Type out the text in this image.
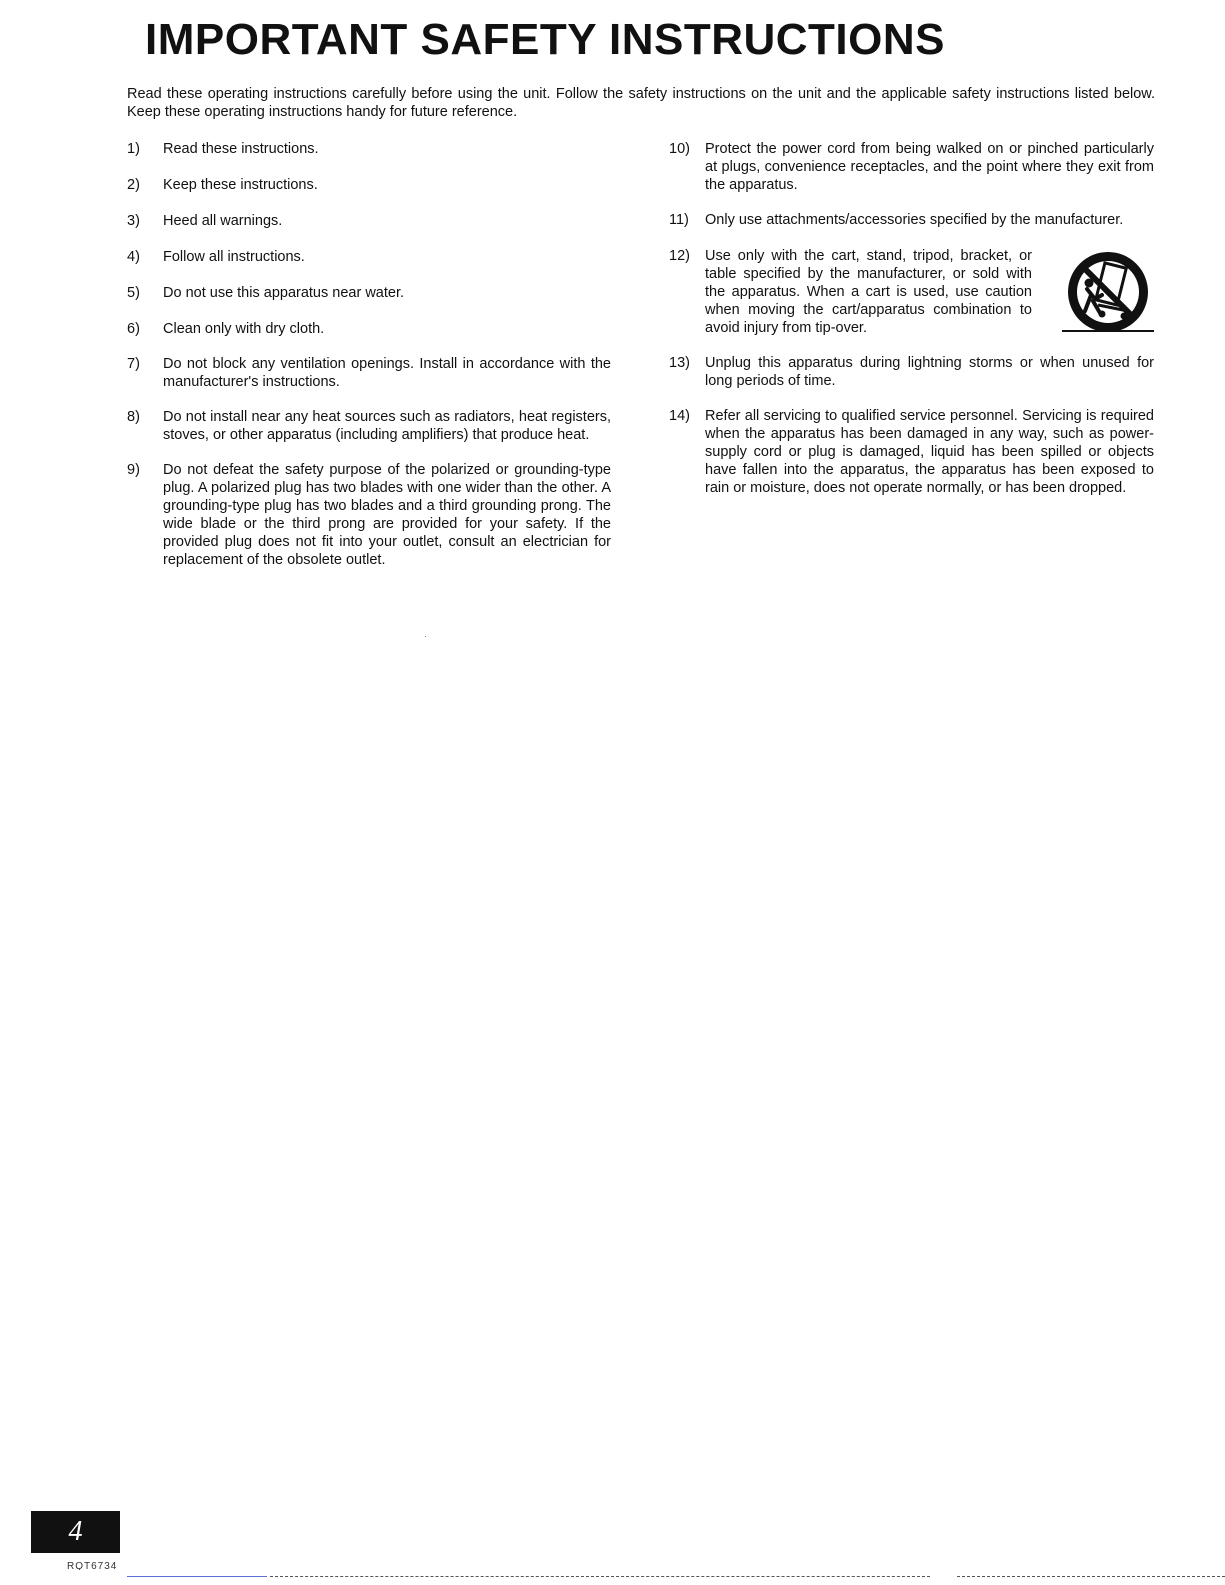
IMPORTANT SAFETY INSTRUCTIONS
Read these operating instructions carefully before using the unit. Follow the safety instructions on the unit and the applicable safety instructions listed below. Keep these operating instructions handy for future reference.
1)	Read these instructions.
2)	Keep these instructions.
3)	Heed all warnings.
4)	Follow all instructions.
5)	Do not use this apparatus near water.
6)	Clean only with dry cloth.
7)	Do not block any ventilation openings. Install in accordance with the manufacturer's instructions.
8)	Do not install near any heat sources such as radiators, heat registers, stoves, or other apparatus (including amplifiers) that produce heat.
9)	Do not defeat the safety purpose of the polarized or grounding-type plug. A polarized plug has two blades with one wider than the other. A grounding-type plug has two blades and a third grounding prong. The wide blade or the third prong are provided for your safety. If the provided plug does not fit into your outlet, consult an electrician for replacement of the obsolete outlet.
10)	Protect the power cord from being walked on or pinched particularly at plugs, convenience receptacles, and the point where they exit from the apparatus.
11)	Only use attachments/accessories specified by the manufacturer.
12)	Use only with the cart, stand, tripod, bracket, or table specified by the manufacturer, or sold with the apparatus. When a cart is used, use caution when moving the cart/apparatus combination to avoid injury from tip-over.
13)	Unplug this apparatus during lightning storms or when unused for long periods of time.
14)	Refer all servicing to qualified service personnel. Servicing is required when the apparatus has been damaged in any way, such as power-supply cord or plug is damaged, liquid has been spilled or objects have fallen into the apparatus, the apparatus has been exposed to rain or moisture, does not operate normally, or has been dropped.
4
RQT6734
